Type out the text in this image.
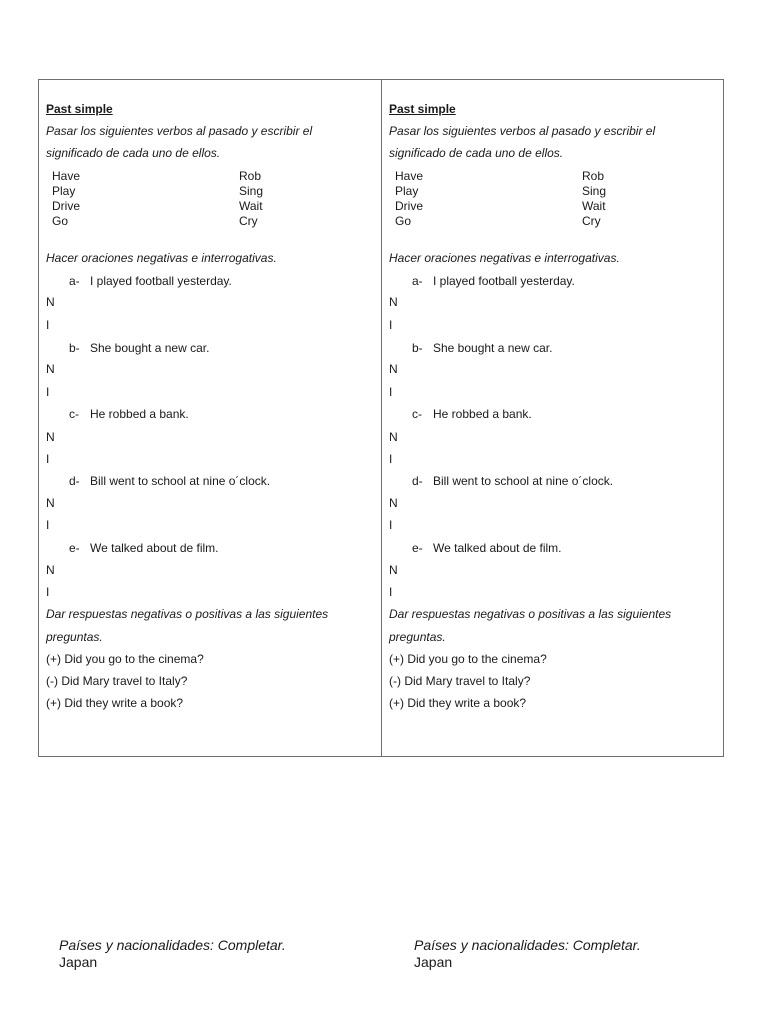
Past simple
Pasar los siguientes verbos al pasado y escribir el
significado de cada uno de ellos.
Have
Play
Drive
Go
Rob
Sing
Wait
Cry
Hacer oraciones negativas e interrogativas.
a- I played football yesterday.
N
I
b- She bought a new car.
N
I
c- He robbed a bank.
N
I
d- Bill went to school at nine o´clock.
N
I
e- We talked about de film.
N
I
Dar respuestas negativas o positivas a las siguientes
preguntas.
(+) Did you go to the cinema?
(-) Did Mary travel to Italy?
(+) Did they write a book?
Past simple
Pasar los siguientes verbos al pasado y escribir el
significado de cada uno de ellos.
Have
Play
Drive
Go
Rob
Sing
Wait
Cry
Hacer oraciones negativas e interrogativas.
a- I played football yesterday.
N
I
b- She bought a new car.
N
I
c- He robbed a bank.
N
I
d- Bill went to school at nine o´clock.
N
I
e- We talked about de film.
N
I
Dar respuestas negativas o positivas a las siguientes
preguntas.
(+) Did you go to the cinema?
(-) Did Mary travel to Italy?
(+) Did they write a book?
Países y nacionalidades: Completar.
Japan
Países y nacionalidades: Completar.
Japan
